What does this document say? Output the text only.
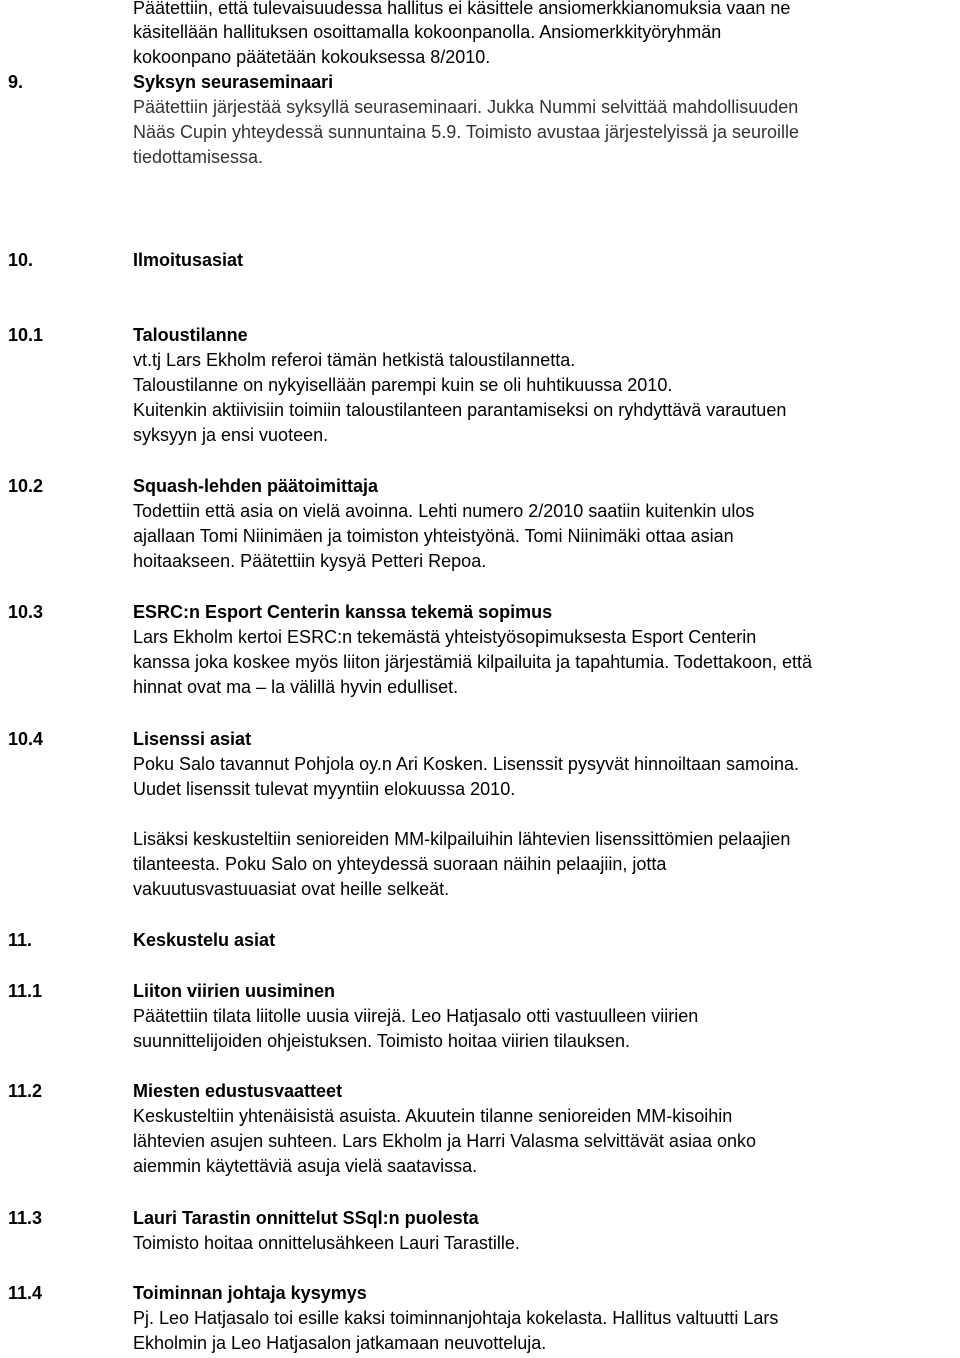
Päätettiin, että tulevaisuudessa hallitus ei käsittele ansiomerkkianomuksia vaan ne
käsitellään hallituksen osoittamalla kokoonpanolla. Ansiomerkkityöryhmän
kokoonpano päätetään kokouksessa 8/2010.
9.	Syksyn seuraseminaari
Päätettiin järjestää syksyllä seuraseminaari. Jukka Nummi selvittää mahdollisuuden
Nääs Cupin yhteydessä sunnuntaina 5.9. Toimisto avustaa järjestelyissä ja seuroille
tiedottamisessa.
10.	Ilmoitusasiat
10.1	Taloustilanne
vt.tj Lars Ekholm referoi tämän hetkistä taloustilannetta.
Taloustilanne on nykyisellään parempi kuin se oli huhtikuussa 2010.
Kuitenkin aktiivisiin toimiin taloustilanteen parantamiseksi on ryhdyttävä varautuen
syksyyn ja ensi vuoteen.
10.2	Squash-lehden päätoimittaja
Todettiin että asia on vielä avoinna. Lehti numero 2/2010 saatiin kuitenkin ulos
ajallaan Tomi Niinimäen ja toimiston yhteistyönä. Tomi Niinimäki ottaa asian
hoitaakseen. Päätettiin kysyä Petteri Repoa.
10.3	ESRC:n Esport Centerin kanssa tekemä sopimus
Lars Ekholm kertoi ESRC:n tekemästä yhteistyösopimuksesta Esport Centerin
kanssa joka koskee myös liiton järjestämiä kilpailuita ja tapahtumia. Todettakoon, että
hinnat ovat ma – la välillä hyvin edulliset.
10.4	Lisenssi asiat
Poku Salo tavannut Pohjola oy.n Ari Kosken. Lisenssit pysyvät hinnoiltaan samoina.
Uudet lisenssit tulevat myyntiin elokuussa 2010.
Lisäksi keskusteltiin senioreiden MM-kilpailuihin lähtevien lisenssittömien pelaajien
tilanteesta. Poku Salo on yhteydessä suoraan näihin pelaajiin, jotta
vakuutusvastuuasiat ovat heille selkeät.
11.	Keskustelu asiat
11.1	Liiton viirien uusiminen
Päätettiin tilata liitolle uusia viirejä. Leo Hatjasalo otti vastuulleen viirien
suunnittelijoiden ohjeistuksen. Toimisto hoitaa viirien tilauksen.
11.2	Miesten edustusvaatteet
Keskusteltiin yhtenäisistä asuista. Akuutein tilanne senioreiden MM-kisoihin
lähtevien asujen suhteen. Lars Ekholm ja Harri Valasma selvittävät asiaa onko
aiemmin käytettäviä asuja vielä saatavissa.
11.3	Lauri Tarastin onnittelut SSql:n puolesta
Toimisto hoitaa onnittelusähkeen Lauri Tarastille.
11.4	Toiminnan johtaja kysymys
Pj. Leo Hatjasalo toi esille kaksi toiminnanjohtaja kokelasta. Hallitus valtuutti Lars
Ekholmin ja Leo Hatjasalon jatkamaan neuvotteluja.
